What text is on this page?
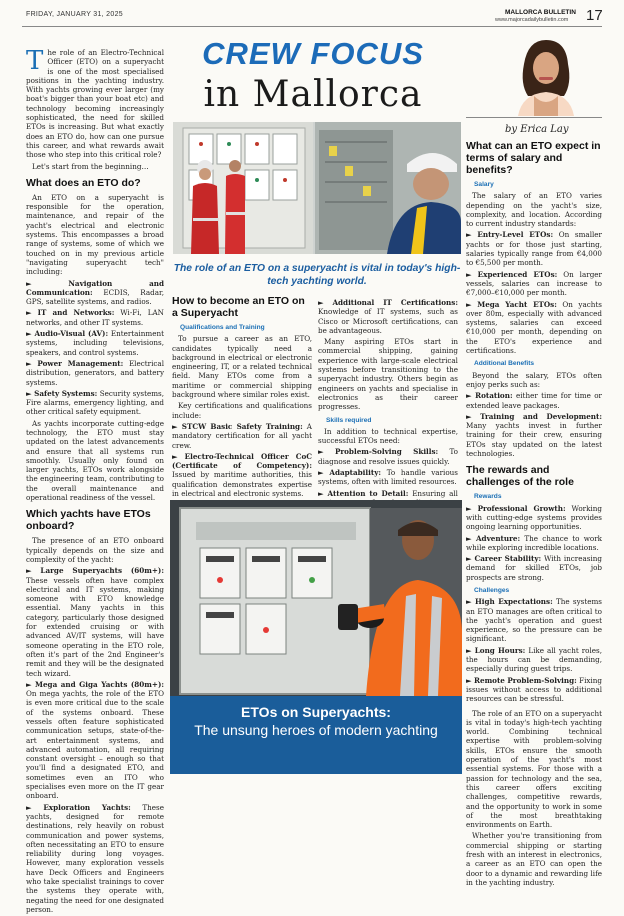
FRIDAY, JANUARY 31, 2025	MALLORCA BULLETIN
www.majorcadailybulletin.com 17
CREW FOCUS
in Mallorca
by Erica Lay
The role of an ETO on a superyacht is vital in today's high-tech yachting world.

The role of an Electro-Technical Officer (ETO) on a superyacht is one of the most specialised positions in the yachting industry. With yachts growing ever larger (my boat's bigger than your boat etc) and technology becoming increasingly sophisticated, the need for skilled ETOs is increasing. But what exactly does an ETO do, how can one pursue this career, and what rewards await those who step into this critical role?

Let's start from the beginning…

What does an ETO do?

An ETO on a superyacht is responsible for the operation, maintenance, and repair of the yacht's electrical and electronic systems. This encompasses a broad range of systems, some of which we touched on in my previous article "navigating superyacht tech" including:

► Navigation and Communication: ECDIS, Radar, GPS, satellite systems, and radios.

► IT and Networks: Wi-Fi, LAN networks, and other IT systems.

► Audio-Visual (AV): Entertainment systems, including televisions, speakers, and control systems.

► Power Management: Electrical distribution, generators, and battery systems.

► Safety Systems: Security systems, Fire alarms, emergency lighting, and other critical safety equipment.

As yachts incorporate cutting-edge technology, the ETO must stay updated on the latest advancements and ensure that all systems run smoothly. Usually only found on larger yachts, ETOs work alongside the engineering team, contributing to the overall maintenance and operational readiness of the vessel.

Which yachts have ETOs onboard?

The presence of an ETO onboard typically depends on the size and complexity of the yacht:

► Large Superyachts (60m+): These vessels often have complex electrical and IT systems, making someone with ETO knowledge essential. Many yachts in this category, particularly those designed for extended cruising or with advanced AV/IT systems, will have someone operating in the ETO role, often it's part of the 2nd Engineer's remit and they will be the designated tech wizard.

► Mega and Giga Yachts (80m+): On mega yachts, the role of the ETO is even more critical due to the scale of the systems onboard. These vessels often feature sophisticated communication setups, state-of-the-art entertainment systems, and advanced automation, all requiring constant oversight – enough so that you'll find a designated ETO, and sometimes even an ITO who specialises even more on the IT gear onboard.

► Exploration Yachts: These yachts, designed for remote destinations, rely heavily on robust communication and power systems, often necessitating an ETO to ensure reliability during long voyages. However, many exploration vessels have Deck Officers and Engineers who take specialist trainings to cover the systems they operate with, negating the need for one designated person.

How to become an ETO on a Superyacht
Qualifications and Training

To pursue a career as an ETO, candidates typically need a background in electrical or electronic engineering, IT, or a related technical field. Many ETOs come from a maritime or commercial shipping background where similar roles exist.

Key certifications and qualifications include:

► STCW Basic Safety Training: A mandatory certification for all yacht crew.

► Electro-Technical Officer CoC (Certificate of Competency): Issued by maritime authorities, this qualification demonstrates expertise in electrical and electronic systems.

► Additional IT Certifications: Knowledge of IT systems, such as Cisco or Microsoft certifications, can be advantageous.

Many aspiring ETOs start in commercial shipping, gaining experience with large-scale electrical systems before transitioning to the superyacht industry. Others begin as engineers on yachts and specialise in electronics as their career progresses.

Skills required

In addition to technical expertise, successful ETOs need:

► Problem-Solving Skills: To diagnose and resolve issues quickly.

► Adaptability: To handle various systems, often with limited resources.

► Attention to Detail: Ensuring all

ETOs on Superyachts:
The unsung heroes of modern yachting
What can an ETO expect in terms of salary and benefits?
Salary

The salary of an ETO varies depending on the yacht's size, complexity, and location. According to current industry standards:

► Entry-Level ETOs: On smaller yachts or for those just starting, salaries typically range from €4,000 to €5,500 per month.

► Experienced ETOs: On larger vessels, salaries can increase to €7,000–€10,000 per month.

► Mega Yacht ETOs: On yachts over 80m, especially with advanced systems, salaries can exceed €10,000 per month, depending on the ETO's experience and certifications.

Additional Benefits

Beyond the salary, ETOs often enjoy perks such as:

► Rotation: either time for time or extended leave packages.

► Training and Development: Many yachts invest in further training for their crew, ensuring ETOs stay updated on the latest technologies.

The rewards and challenges of the role
Rewards

► Professional Growth: Working with cutting-edge systems provides ongoing learning opportunities.

► Adventure: The chance to work while exploring incredible locations.

► Career Stability: With increasing demand for skilled ETOs, job prospects are strong.

Challenges

► High Expectations: The systems an ETO manages are often critical to the yacht's operation and guest experience, so the pressure can be significant.

► Long Hours: Like all yacht roles, the hours can be demanding, especially during guest trips.

► Remote Problem-Solving: Fixing issues without access to additional resources can be stressful.

The role of an ETO on a superyacht is vital in today's high-tech yachting world. Combining technical expertise with problem-solving skills, ETOs ensure the smooth operation of the yacht's most essential systems. For those with a passion for technology and the sea, this career offers exciting challenges, competitive rewards, and the opportunity to work in some of the most breathtaking environments on Earth.

Whether you're transitioning from commercial shipping or starting fresh with an interest in electronics, a career as an ETO can open the door to a dynamic and rewarding life in the yachting industry.
